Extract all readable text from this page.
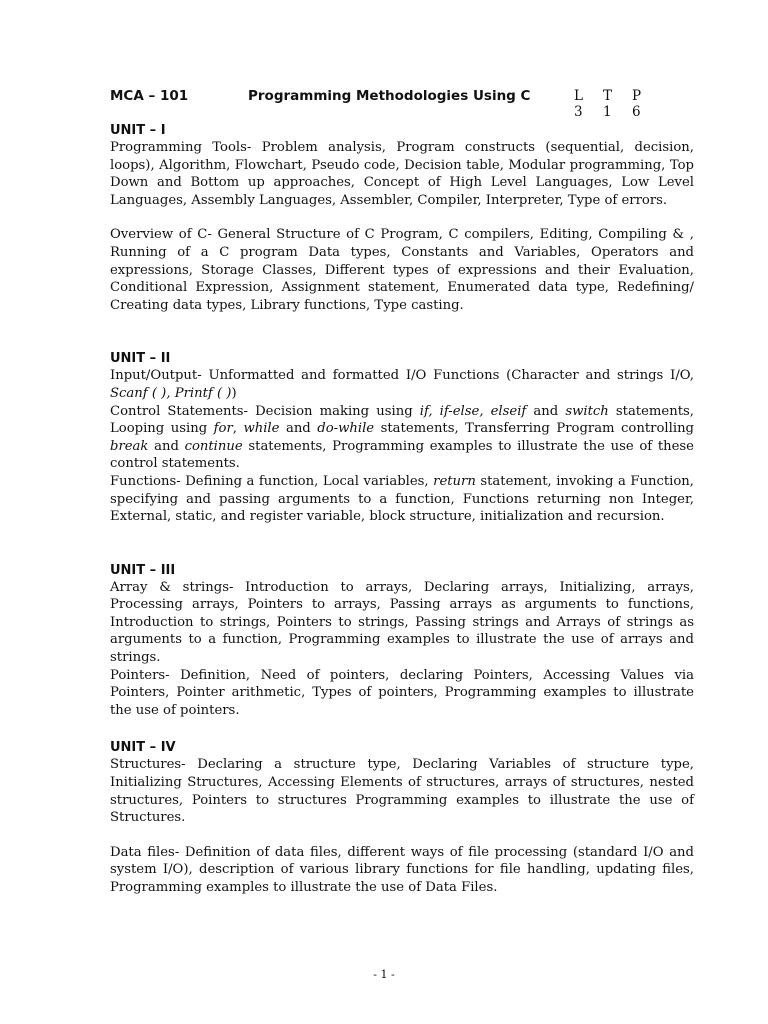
MCA – 101	Programming Methodologies Using C	L	T	P
3	1	6
UNIT – I

Programming Tools- Problem analysis, Program constructs (sequential, decision, loops), Algorithm, Flowchart, Pseudo code, Decision table, Modular programming, Top Down and Bottom up approaches, Concept of High Level Languages, Low Level Languages, Assembly Languages, Assembler, Compiler, Interpreter, Type of errors.

Overview of C- General Structure of C Program, C compilers, Editing, Compiling & , Running of a C program Data types, Constants and Variables, Operators and expressions, Storage Classes, Different types of expressions and their Evaluation, Conditional Expression, Assignment statement, Enumerated data type, Redefining/ Creating data types, Library functions, Type casting.

UNIT – II

Input/Output- Unformatted and formatted I/O Functions (Character and strings I/O, Scanf ( ), Printf ( ))

Control Statements- Decision making using if, if-else, elseif and switch statements, Looping using for, while and do-while statements, Transferring Program controlling break and continue statements, Programming examples to illustrate the use of these control statements.

Functions- Defining a function, Local variables, return statement, invoking a Function, specifying and passing arguments to a function, Functions returning non Integer, External, static, and register variable, block structure, initialization and recursion.

UNIT – III

Array & strings- Introduction to arrays, Declaring arrays, Initializing, arrays, Processing arrays, Pointers to arrays, Passing arrays as arguments to functions, Introduction to strings, Pointers to strings, Passing strings and Arrays of strings as arguments to a function, Programming examples to illustrate the use of arrays and strings.

Pointers- Definition, Need of pointers, declaring Pointers, Accessing Values via Pointers, Pointer arithmetic, Types of pointers, Programming examples to illustrate the use of pointers.

UNIT – IV

Structures- Declaring a structure type, Declaring Variables of structure type, Initializing Structures, Accessing Elements of structures, arrays of structures, nested structures, Pointers to structures Programming examples to illustrate the use of Structures.

Data files- Definition of data files, different ways of file processing (standard I/O and system I/O), description of various library functions for file handling, updating files, Programming examples to illustrate the use of Data Files.

- 1 -
